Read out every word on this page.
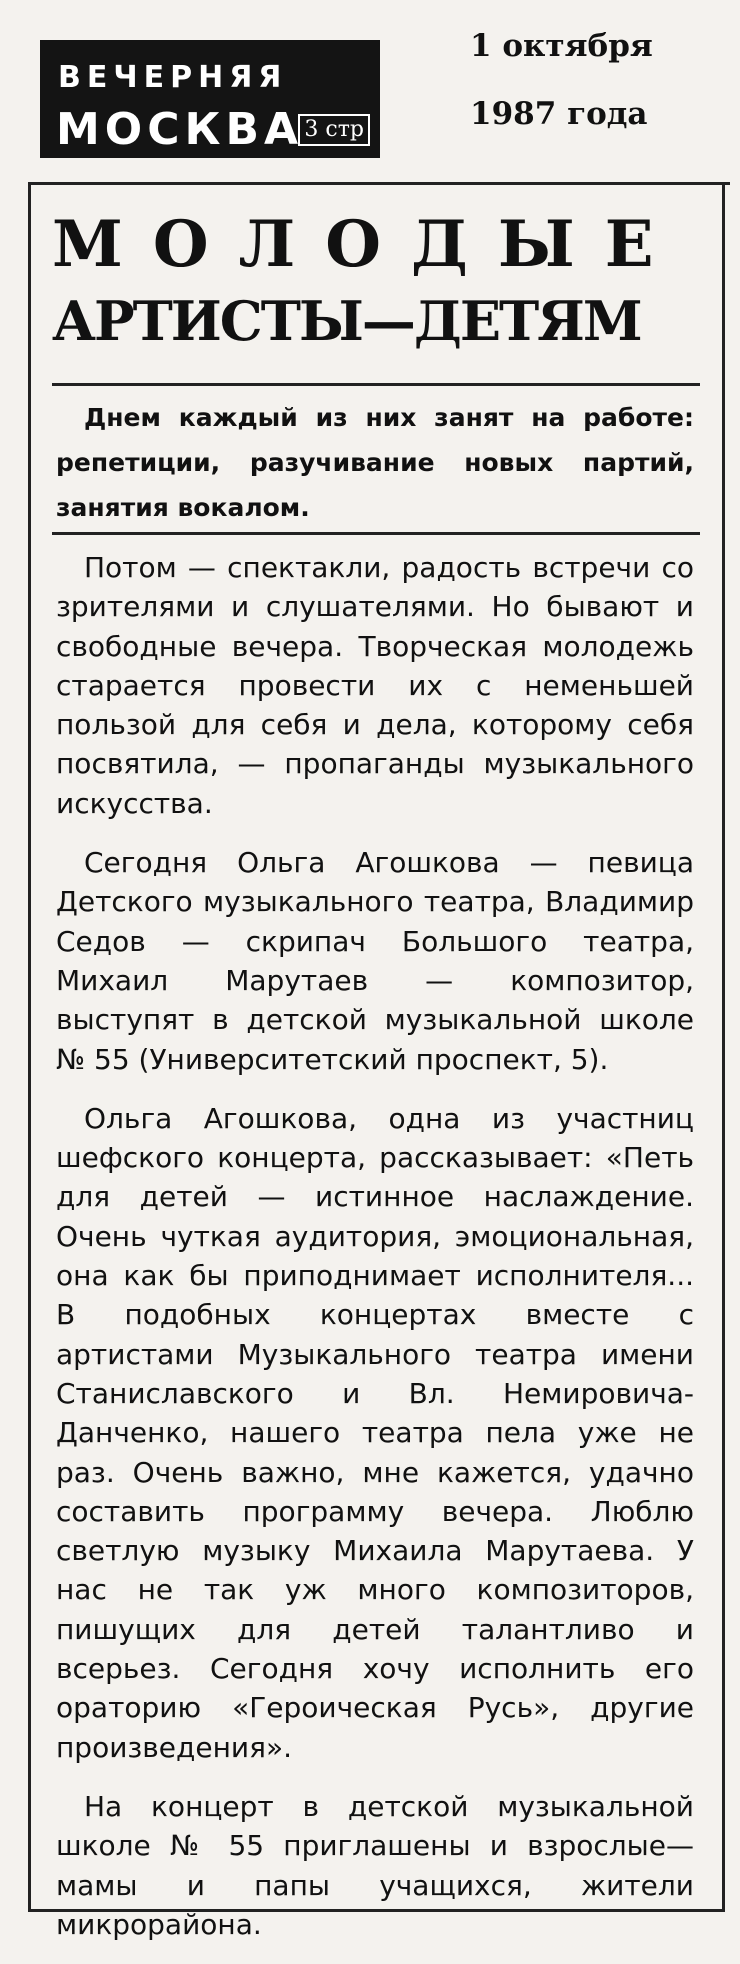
ВЕЧЕРНЯЯ
МОСКВА 3 стр
1 октября
1987 года
МОЛОДЫЕ
АРТИСТЫ—ДЕТЯМ
Днем каждый из них занят на работе: репетиции, разучивание новых партий, занятия вокалом.

Потом — спектакли, радость встречи со зрителями и слушателями. Но бывают и свободные вечера. Творческая молодежь старается провести их с неменьшей пользой для себя и дела, которому себя посвятила, — пропаганды музыкального искусства.

Сегодня Ольга Агошкова — певица Детского музыкального театра, Владимир Седов — скрипач Большого театра, Михаил Марутаев — композитор, выступят в детской музыкальной школе № 55 (Университетский проспект, 5).

Ольга Агошкова, одна из участниц шефского концерта, рассказывает: «Петь для детей — истинное наслаждение. Очень чуткая аудитория, эмоциональная, она как бы приподнимает исполнителя... В подобных концертах вместе с артистами Музыкального театра имени Станиславского и Вл. Немировича-Данченко, нашего театра пела уже не раз. Очень важно, мне кажется, удачно составить программу вечера. Люблю светлую музыку Михаила Марутаева. У нас не так уж много композиторов, пишущих для детей талантливо и всерьез. Сегодня хочу исполнить его ораторию «Героическая Русь», другие произведения».

На концерт в детской музыкальной школе № 55 приглашены и взрослые— мамы и папы учащихся, жители микрорайона.
